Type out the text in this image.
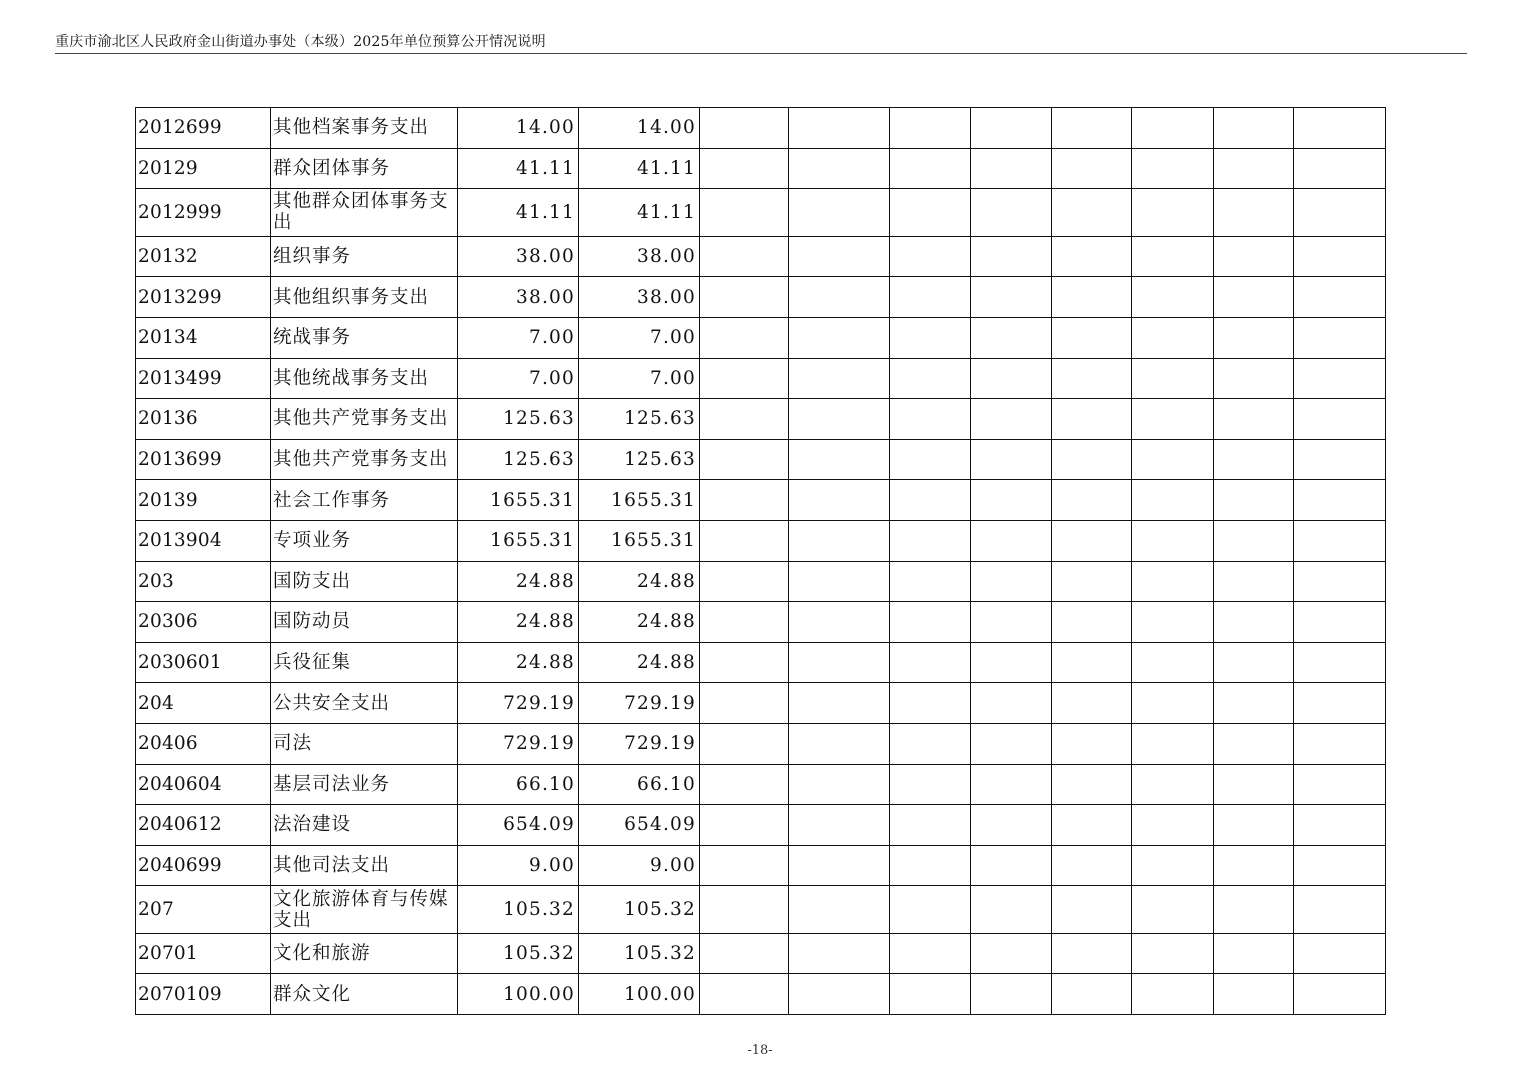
重庆市渝北区人民政府金山街道办事处（本级）2025年单位预算公开情况说明
2012699	其他档案事务支出	14.00	14.00								
20129	群众团体事务	41.11	41.11								
2012999	其他群众团体事务支出	41.11	41.11								
20132	组织事务	38.00	38.00								
2013299	其他组织事务支出	38.00	38.00								
20134	统战事务	7.00	7.00								
2013499	其他统战事务支出	7.00	7.00								
20136	其他共产党事务支出	125.63	125.63								
2013699	其他共产党事务支出	125.63	125.63								
20139	社会工作事务	1655.31	1655.31								
2013904	专项业务	1655.31	1655.31								
203	国防支出	24.88	24.88								
20306	国防动员	24.88	24.88								
2030601	兵役征集	24.88	24.88								
204	公共安全支出	729.19	729.19								
20406	司法	729.19	729.19								
2040604	基层司法业务	66.10	66.10								
2040612	法治建设	654.09	654.09								
2040699	其他司法支出	9.00	9.00								
207	文化旅游体育与传媒支出	105.32	105.32								
20701	文化和旅游	105.32	105.32								
2070109	群众文化	100.00	100.00								
-18-
